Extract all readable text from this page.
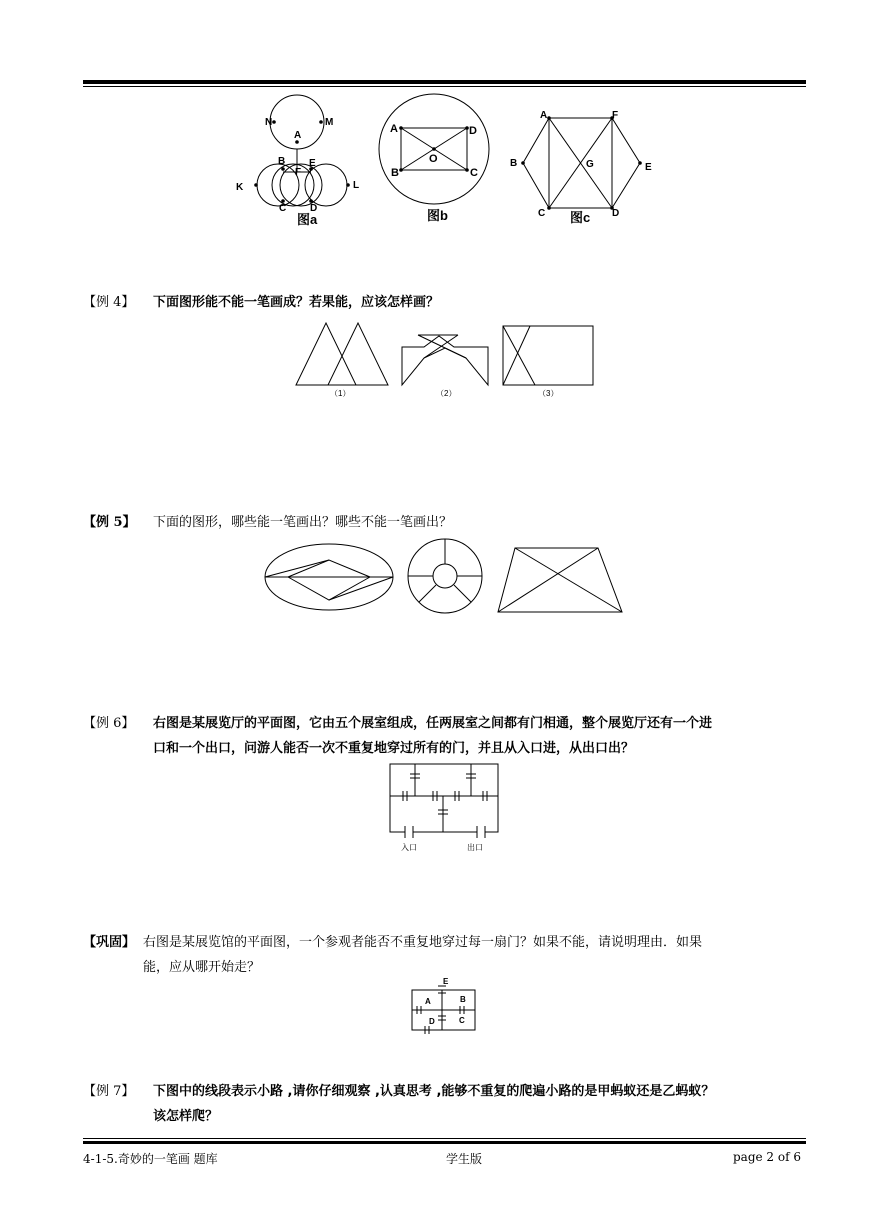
N	M
A
B E
F
K	L
C D
图a
A	D
O
B	C
图b
A	F
B	G	E
C	D
图c
【例 4】 下面图形能不能一笔画成？若果能，应该怎样画？
（1）	（2）	（3）
【例 5】 下面的图形，哪些能一笔画出？哪些不能一笔画出？
【例 6】 右图是某展览厅的平面图，它由五个展室组成，任两展室之间都有门相通，整个展览厅还有一个进
口和一个出口，问游人能否一次不重复地穿过所有的门，并且从入口进，从出口出？
入口	出口
【巩固】 右图是某展览馆的平面图，一个参观者能否不重复地穿过每一扇门？如果不能，请说明理由．如果
能，应从哪开始走？
E
A	B
D	C
【例 7】 下图中的线段表示小路 ,请你仔细观察 ,认真思考 ,能够不重复的爬遍小路的是甲蚂蚁还是乙蚂蚁？
该怎样爬？
4-1-5.奇妙的一笔画 题库	学生版	page 2 of 6
